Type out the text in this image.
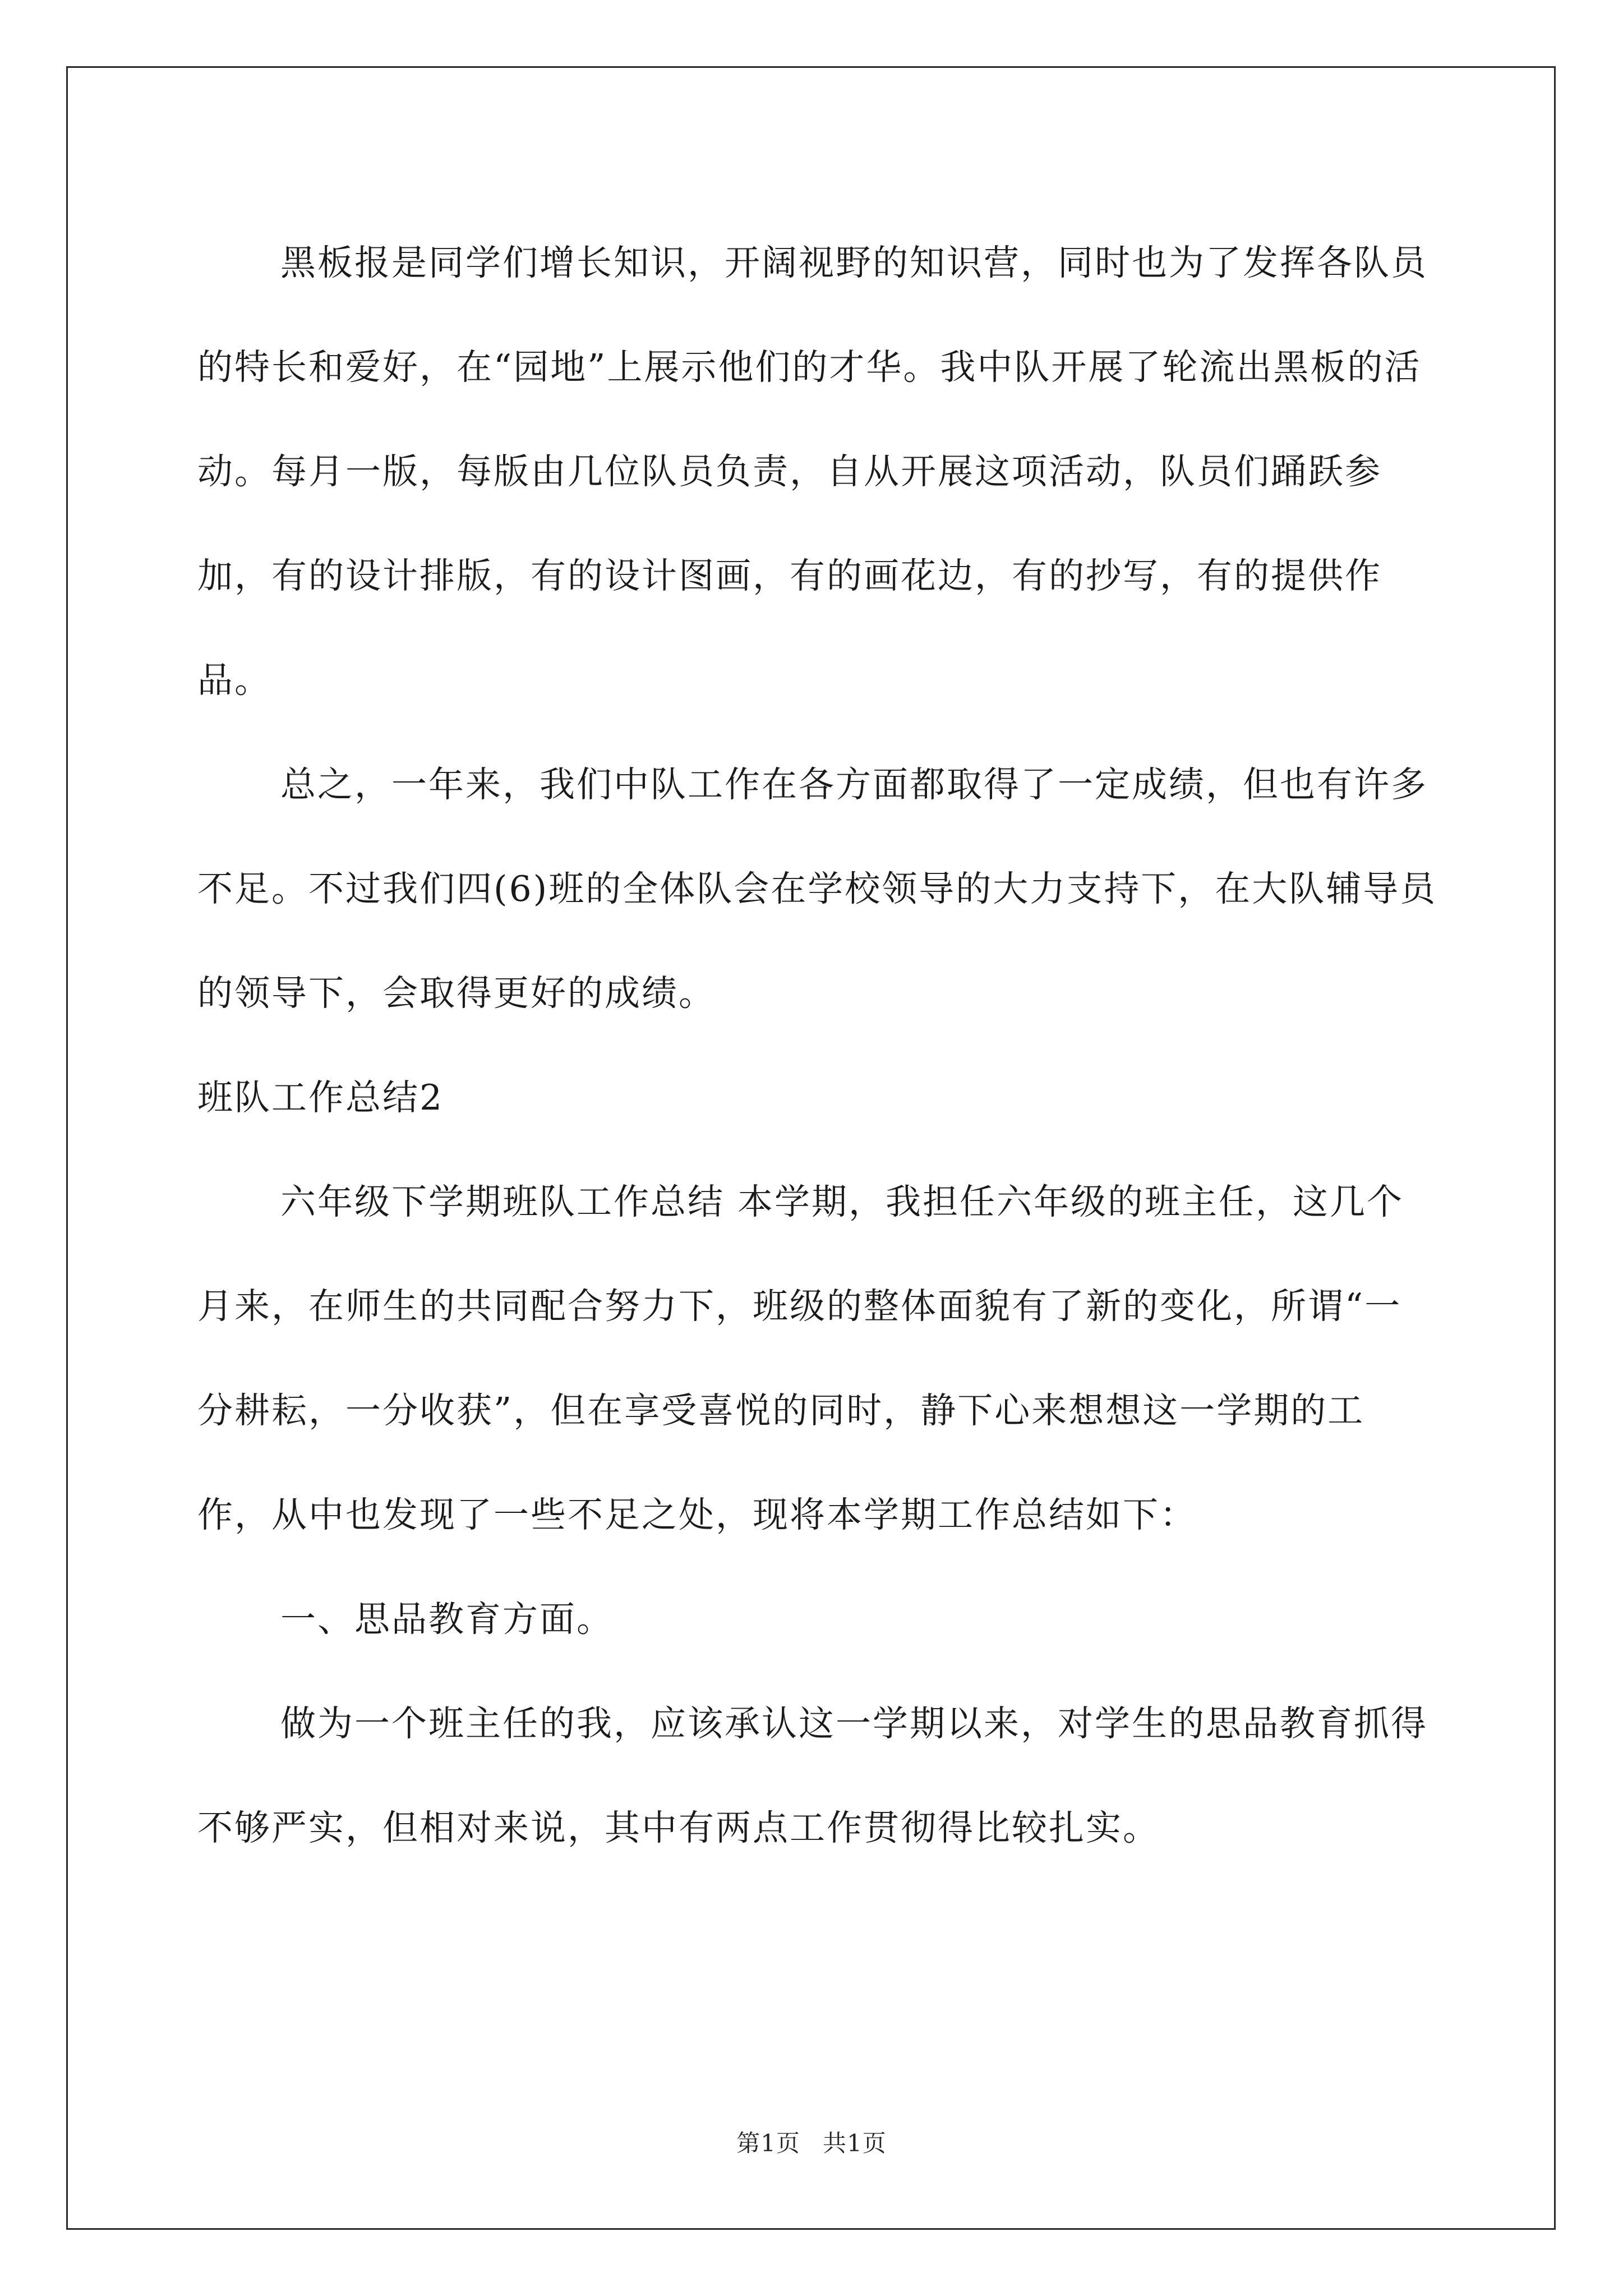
黑板报是同学们增长知识，开阔视野的知识营，同时也为了发挥各队员的特长和爱好，在“园地”上展示他们的才华。我中队开展了轮流出黑板的活动。每月一版，每版由几位队员负责，自从开展这项活动，队员们踊跃参加，有的设计排版，有的设计图画，有的画花边，有的抄写，有的提供作品。

总之，一年来，我们中队工作在各方面都取得了一定成绩，但也有许多不足。不过我们四(6)班的全体队会在学校领导的大力支持下，在大队辅导员的领导下，会取得更好的成绩。

班队工作总结2

六年级下学期班队工作总结 本学期，我担任六年级的班主任，这几个月来，在师生的共同配合努力下，班级的整体面貌有了新的变化，所谓“一分耕耘，一分收获”，但在享受喜悦的同时，静下心来想想这一学期的工作，从中也发现了一些不足之处，现将本学期工作总结如下：

一、思品教育方面。

做为一个班主任的我，应该承认这一学期以来，对学生的思品教育抓得不够严实，但相对来说，其中有两点工作贯彻得比较扎实。

第1页 共1页
